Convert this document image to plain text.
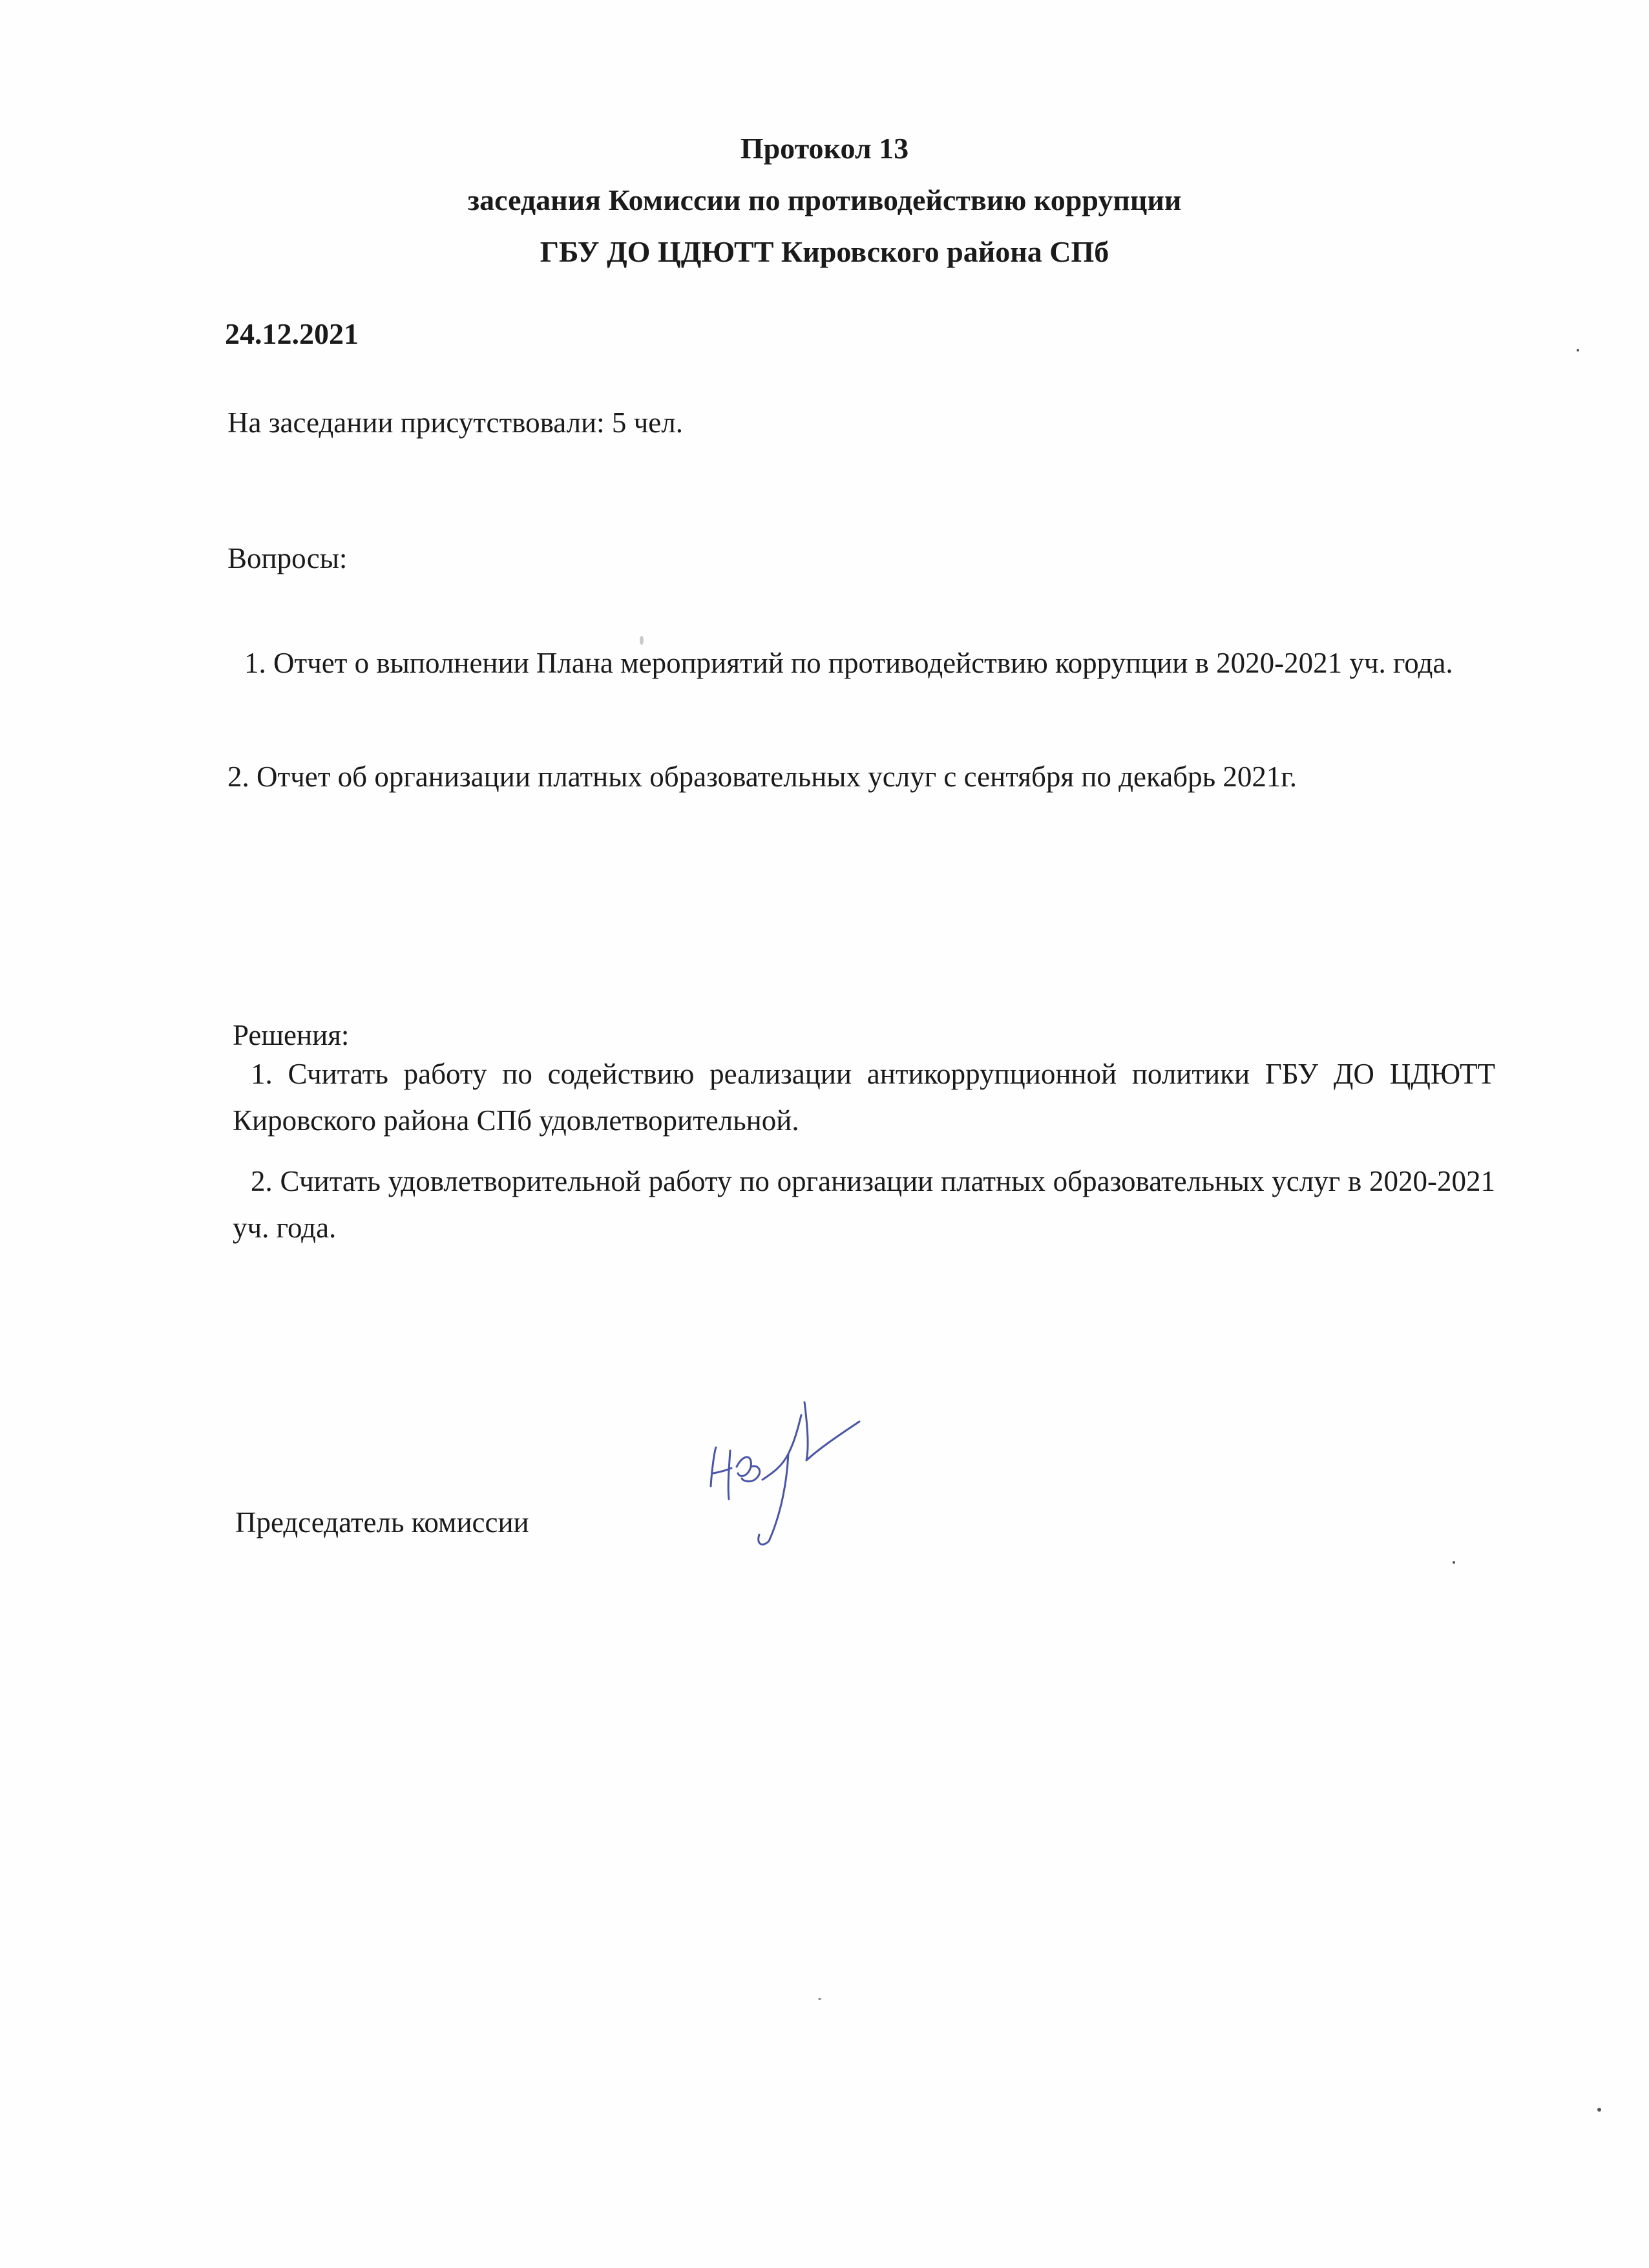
Протокол 13
заседания Комиссии по противодействию коррупции
ГБУ ДО ЦДЮТТ Кировского района СПб
24.12.2021
На заседании присутствовали: 5 чел.
Вопросы:
1. Отчет о выполнении Плана мероприятий по противодействию коррупции в 2020-2021 уч. года.
2. Отчет об организации платных образовательных услуг с сентября по декабрь 2021г.
Решения:
1. Считать работу по содействию реализации антикоррупционной политики ГБУ ДО ЦДЮТТ Кировского района СПб удовлетворительной.
2. Считать удовлетворительной работу по организации платных образовательных услуг в 2020-2021 уч. года.
Председатель комиссии
